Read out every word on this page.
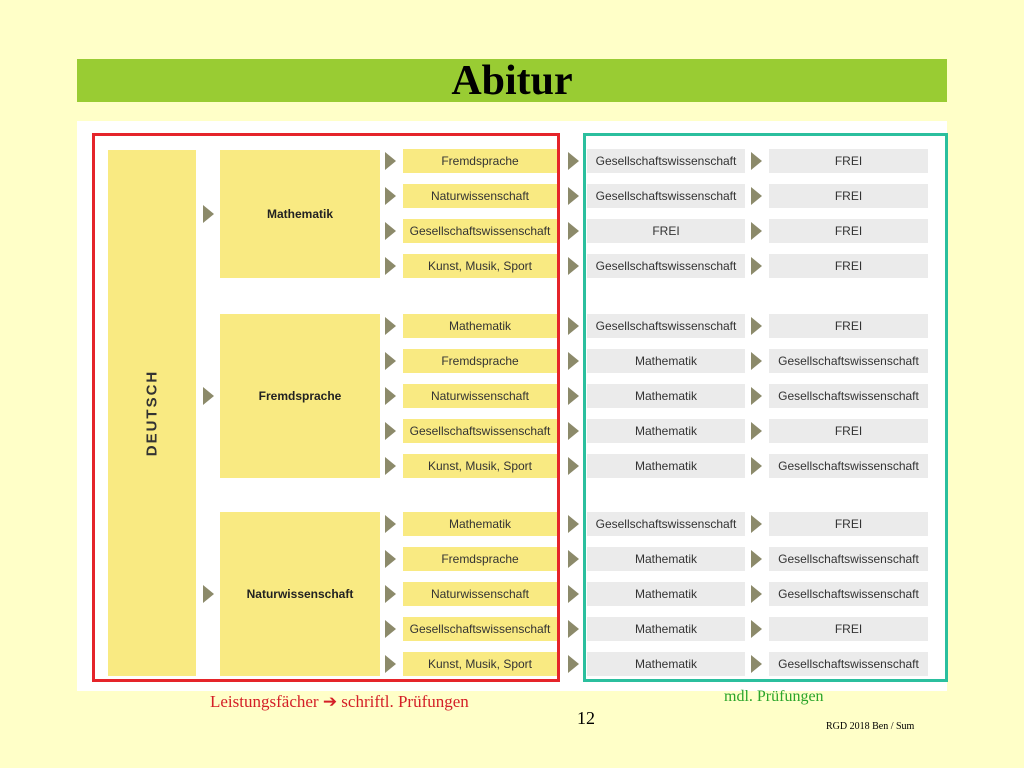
Abitur
Leistungsfächer ➔ schriftl. Prüfungen	mdl. Prüfungen
12	RGD 2018 Ben / Sum
DEUTSCH
Mathematik
Fremdsprache	Gesellschaftswissenschaft	FREI
Naturwissenschaft	Gesellschaftswissenschaft	FREI
Gesellschaftswissenschaft	FREI	FREI
Kunst, Musik, Sport	Gesellschaftswissenschaft	FREI
Fremdsprache
Mathematik	Gesellschaftswissenschaft	FREI
Fremdsprache	Mathematik	Gesellschaftswissenschaft
Naturwissenschaft	Mathematik	Gesellschaftswissenschaft
Gesellschaftswissenschaft	Mathematik	FREI
Kunst, Musik, Sport	Mathematik	Gesellschaftswissenschaft
Naturwissenschaft
Mathematik	Gesellschaftswissenschaft	FREI
Fremdsprache	Mathematik	Gesellschaftswissenschaft
Naturwissenschaft	Mathematik	Gesellschaftswissenschaft
Gesellschaftswissenschaft	Mathematik	FREI
Kunst, Musik, Sport	Mathematik	Gesellschaftswissenschaft
